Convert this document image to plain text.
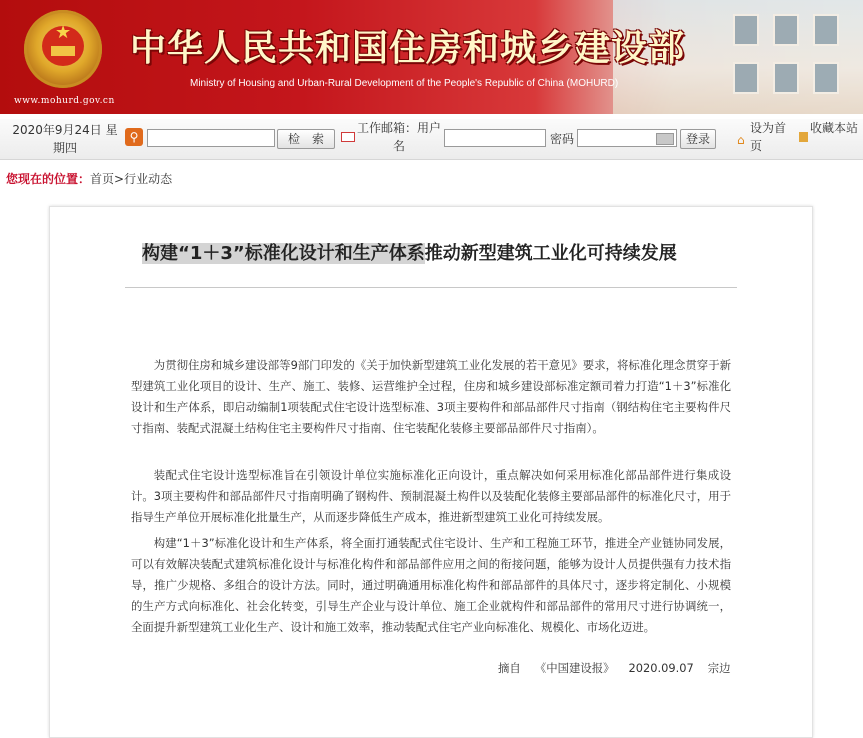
★
www.mohurd.gov.cn
中华人民共和国住房和城乡建设部
Ministry of Housing and Urban-Rural Development of the People's Republic of China (MOHURD)
2020年9月24日 星期四
⚲	检　索
工作邮箱：用户名	密码	登录	⌂
设为首页
收藏本站
您现在的位置：首页>行业动态
构建“1＋3”标准化设计和生产体系推动新型建筑工业化可持续发展
为贯彻住房和城乡建设部等9部门印发的《关于加快新型建筑工业化发展的若干意见》要求，将标准化理念贯穿于新型建筑工业化项目的设计、生产、施工、装修、运营维护全过程，住房和城乡建设部标准定额司着力打造“1＋3”标准化设计和生产体系，即启动编制1项装配式住宅设计选型标准、3项主要构件和部品部件尺寸指南（钢结构住宅主要构件尺寸指南、装配式混凝土结构住宅主要构件尺寸指南、住宅装配化装修主要部品部件尺寸指南）。
装配式住宅设计选型标准旨在引领设计单位实施标准化正向设计，重点解决如何采用标准化部品部件进行集成设计。3项主要构件和部品部件尺寸指南明确了钢构件、预制混凝土构件以及装配化装修主要部品部件的标准化尺寸，用于指导生产单位开展标准化批量生产，从而逐步降低生产成本，推进新型建筑工业化可持续发展。
构建“1＋3”标准化设计和生产体系，将全面打通装配式住宅设计、生产和工程施工环节，推进全产业链协同发展，可以有效解决装配式建筑标准化设计与标准化构件和部品部件应用之间的衔接问题，能够为设计人员提供强有力技术指导，推广少规格、多组合的设计方法。同时，通过明确通用标准化构件和部品部件的具体尺寸，逐步将定制化、小规模的生产方式向标准化、社会化转变，引导生产企业与设计单位、施工企业就构件和部品部件的常用尺寸进行协调统一，全面提升新型建筑工业化生产、设计和施工效率，推动装配式住宅产业向标准化、规模化、市场化迈进。
摘自 《中国建设报》 2020.09.07 宗边
